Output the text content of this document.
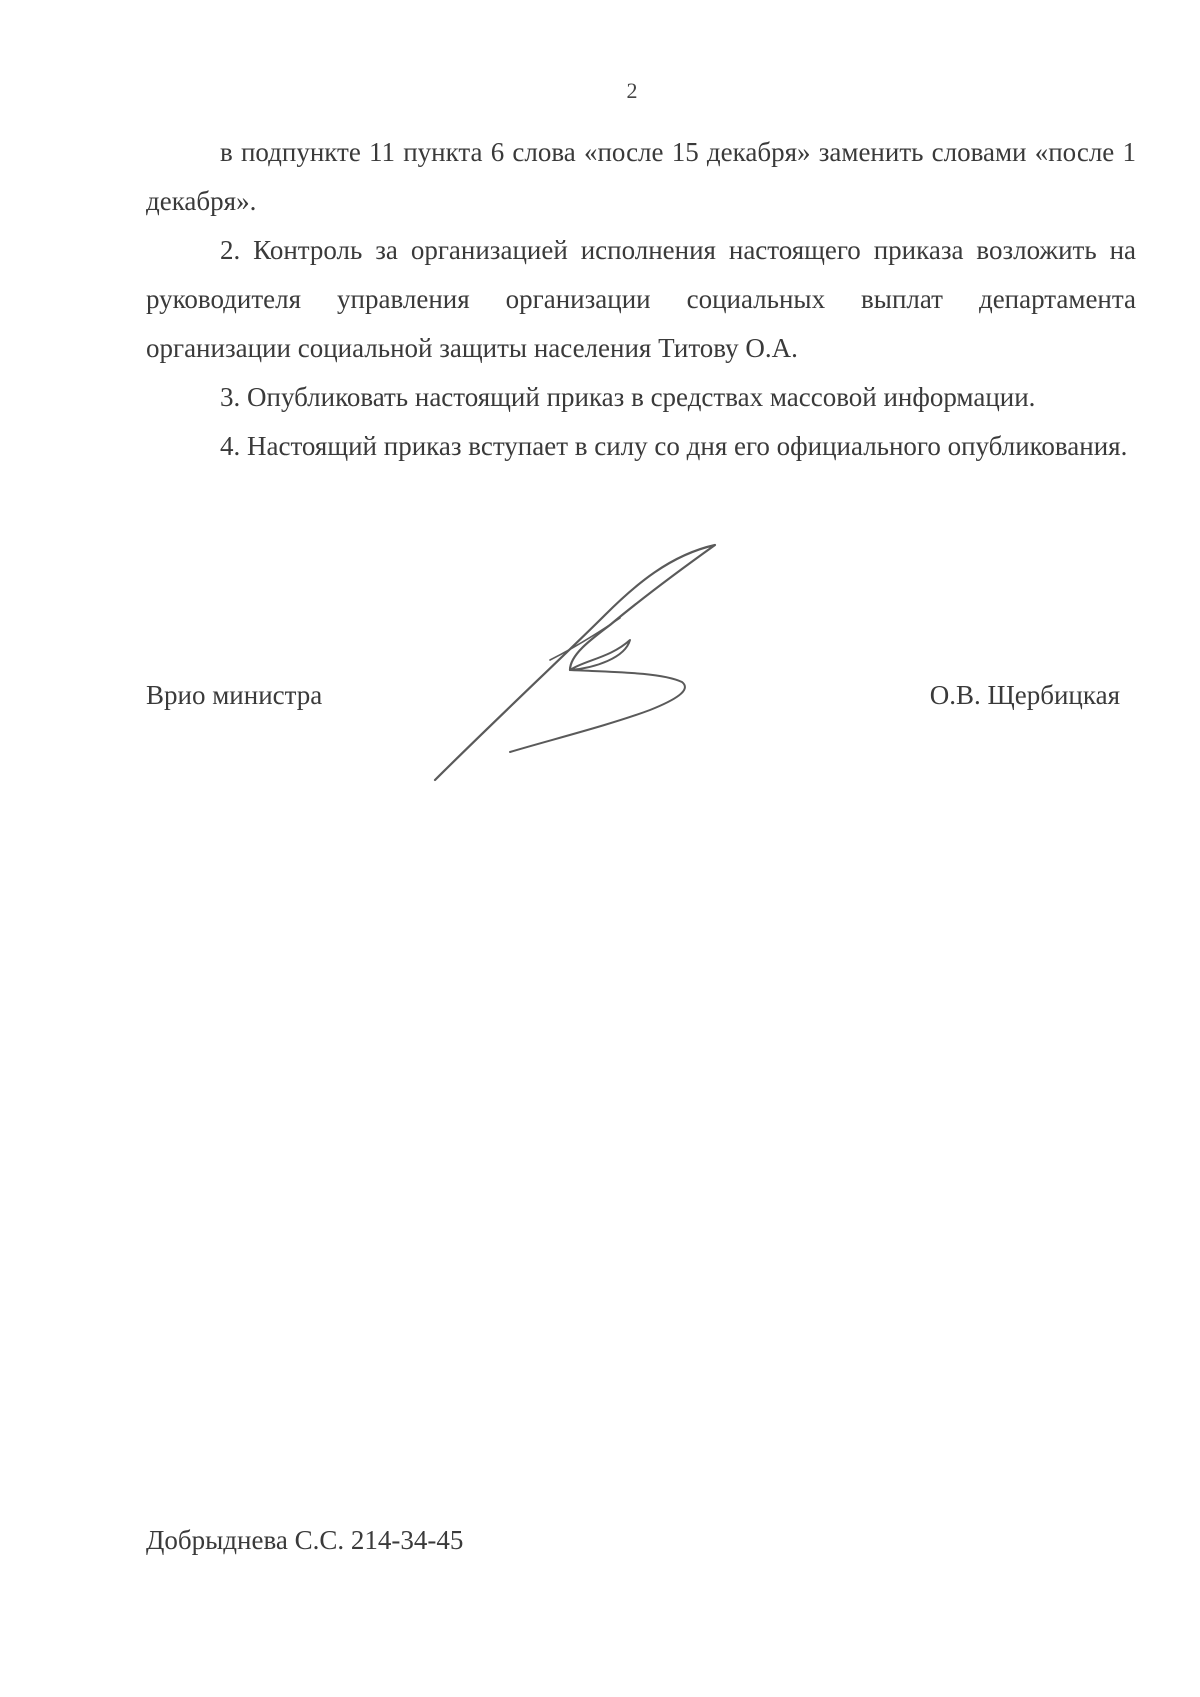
2

в подпункте 11 пункта 6 слова «после 15 декабря» заменить словами «после 1 декабря».

2. Контроль за организацией исполнения настоящего приказа возложить на руководителя управления организации социальных выплат департамента организации социальной защиты населения Титову О.А.

3. Опубликовать настоящий приказ в средствах массовой информации.

4. Настоящий приказ вступает в силу со дня его официального опубликования.

Врио министра	О.В. Щербицкая
Добрыднева С.С. 214-34-45
